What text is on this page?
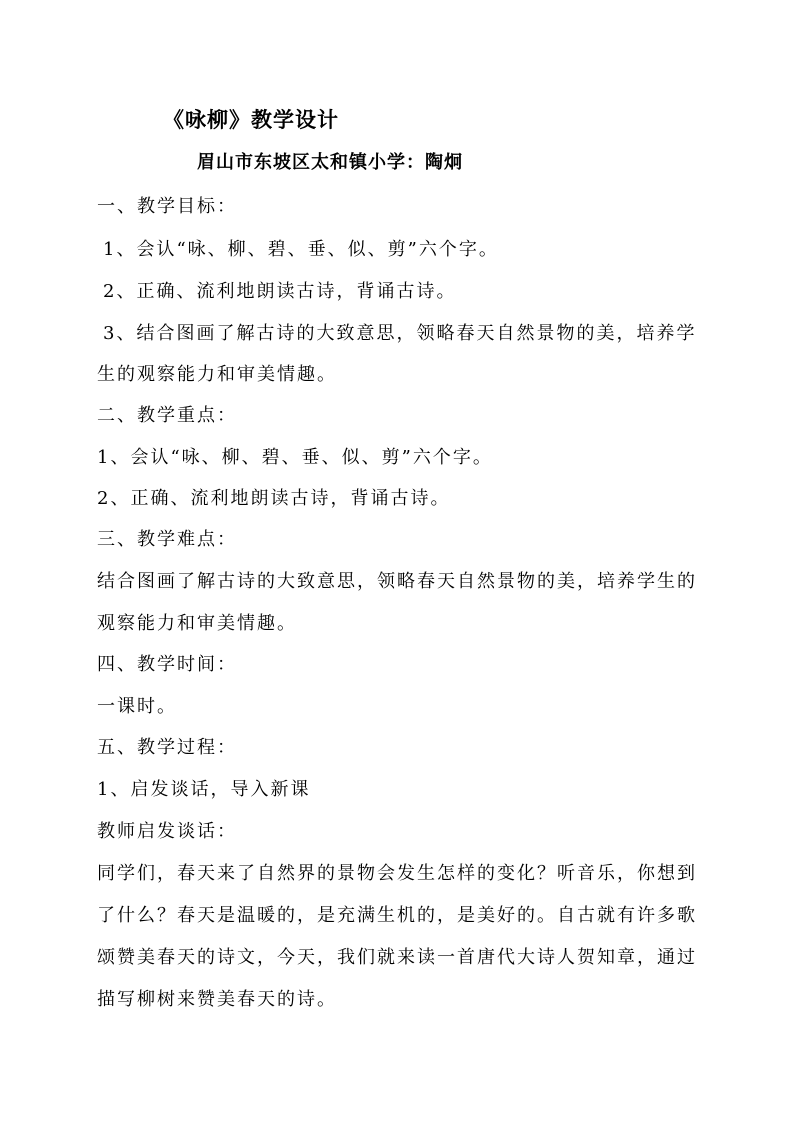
《咏柳》教学设计
眉山市东坡区太和镇小学：陶炯
一、教学目标：
1、会认“咏、柳、碧、垂、似、剪”六个字。
2、正确、流利地朗读古诗，背诵古诗。
3、结合图画了解古诗的大致意思，领略春天自然景物的美，培养学
生的观察能力和审美情趣。
二、教学重点：
1、会认“咏、柳、碧、垂、似、剪”六个字。
2、正确、流利地朗读古诗，背诵古诗。
三、教学难点：
结合图画了解古诗的大致意思，领略春天自然景物的美，培养学生的
观察能力和审美情趣。
四、教学时间：
一课时。
五、教学过程：
1、启发谈话，导入新课
教师启发谈话：
同学们，春天来了自然界的景物会发生怎样的变化？听音乐，你想到
了什么？春天是温暖的，是充满生机的，是美好的。自古就有许多歌
颂赞美春天的诗文，今天，我们就来读一首唐代大诗人贺知章，通过
描写柳树来赞美春天的诗。
